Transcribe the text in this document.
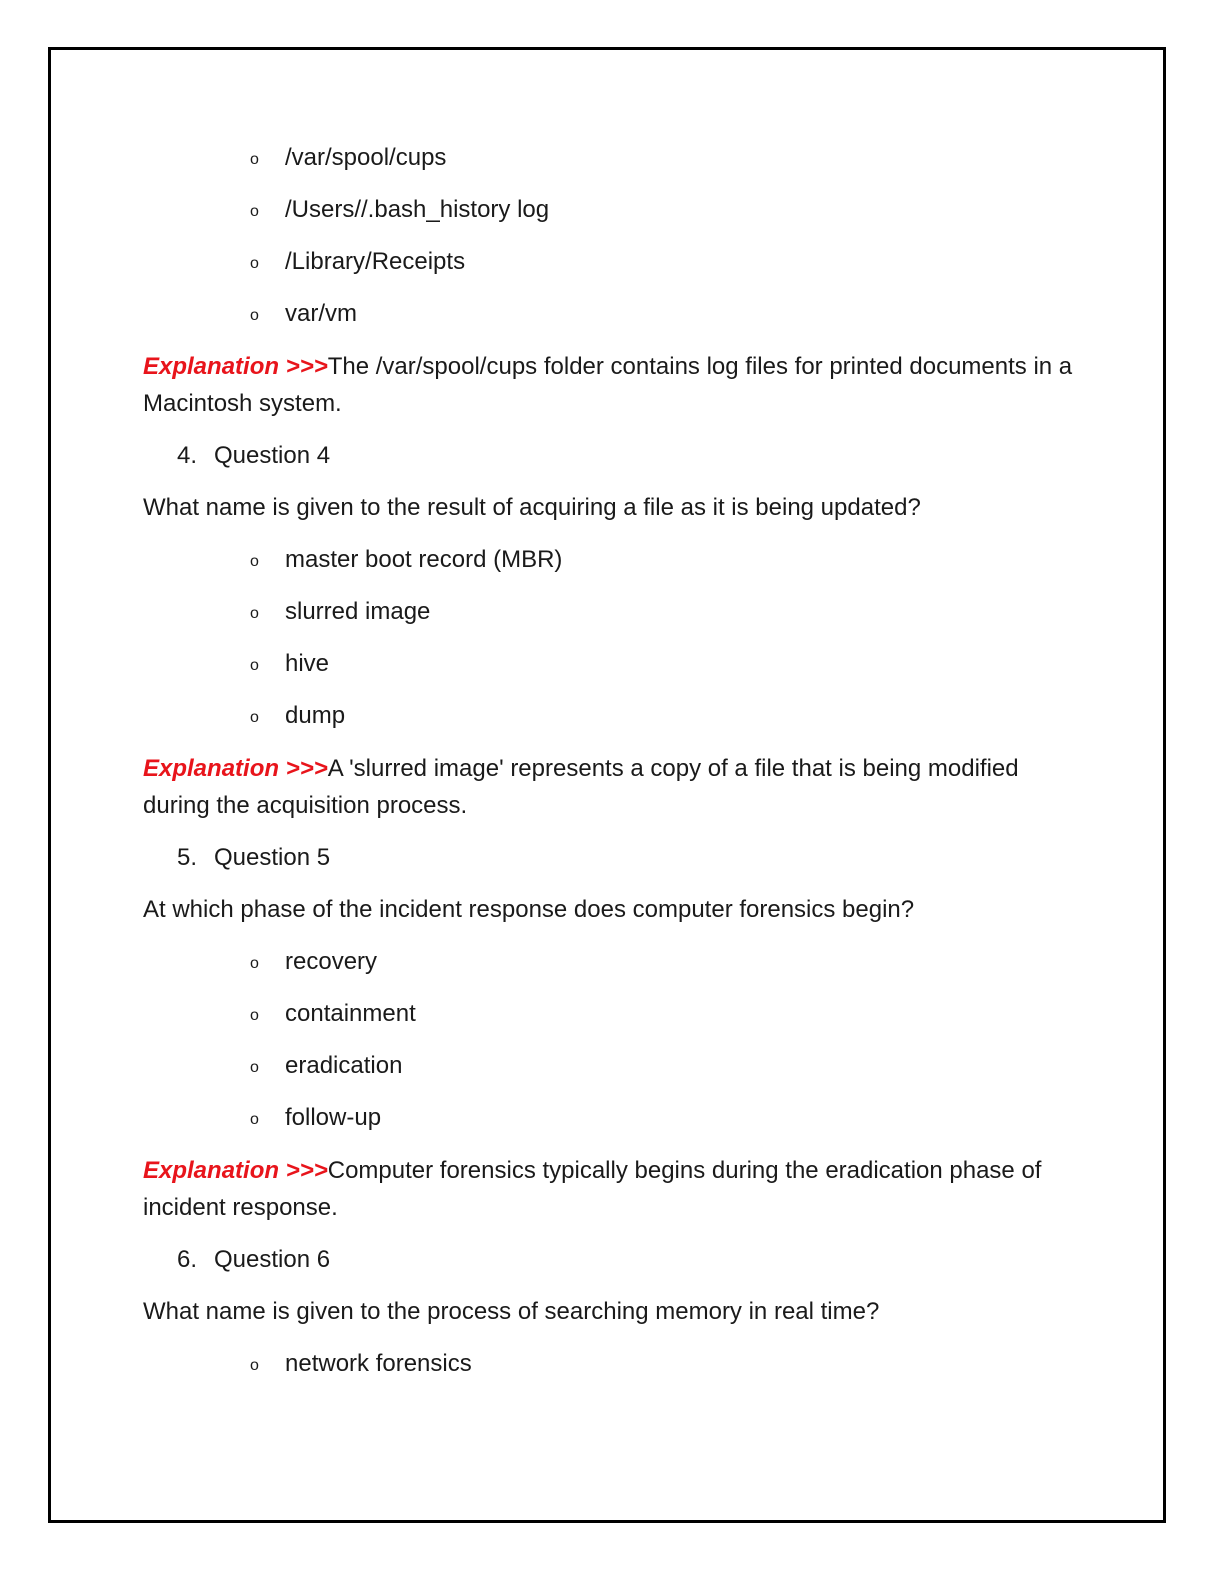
o /var/spool/cups
o /Users//.bash_history log
o /Library/Receipts
o var/vm

Explanation >>>The /var/spool/cups folder contains log files for printed documents in a Macintosh system.

4. Question 4

What name is given to the result of acquiring a file as it is being updated?

o master boot record (MBR)
o slurred image
o hive
o dump

Explanation >>>A 'slurred image' represents a copy of a file that is being modified during the acquisition process.

5. Question 5

At which phase of the incident response does computer forensics begin?

o recovery
o containment
o eradication
o follow-up

Explanation >>>Computer forensics typically begins during the eradication phase of incident response.

6. Question 6

What name is given to the process of searching memory in real time?

o network forensics
